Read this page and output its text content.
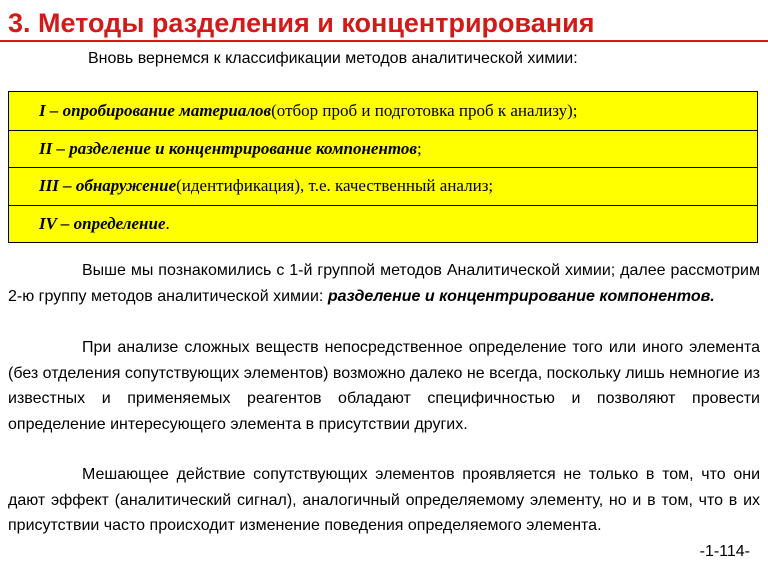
3. Методы разделения и концентрирования
Вновь вернемся к классификации методов аналитической химии:
I – опробирование материалов (отбор проб и подготовка проб к анализу);
II – разделение и концентрирование компонентов ;
III – обнаружение (идентификация), т.е. качественный анализ;
IV – определение .
Выше мы познакомились с 1-й группой методов Аналитической химии; далее рассмотрим 2-ю группу методов аналитической химии: разделение и концентрирование компонентов.
При анализе сложных веществ непосредственное определение того или иного элемента (без отделения сопутствующих элементов) возможно далеко не всегда, поскольку лишь немногие из известных и применяемых реагентов обладают специфичностью и позволяют провести определение интересующего элемента в присутствии других.
Мешающее действие сопутствующих элементов проявляется не только в том, что они дают эффект (аналитический сигнал), аналогичный определяемому элементу, но и в том, что в их присутствии часто происходит изменение поведения определяемого элемента.
-1-114-
